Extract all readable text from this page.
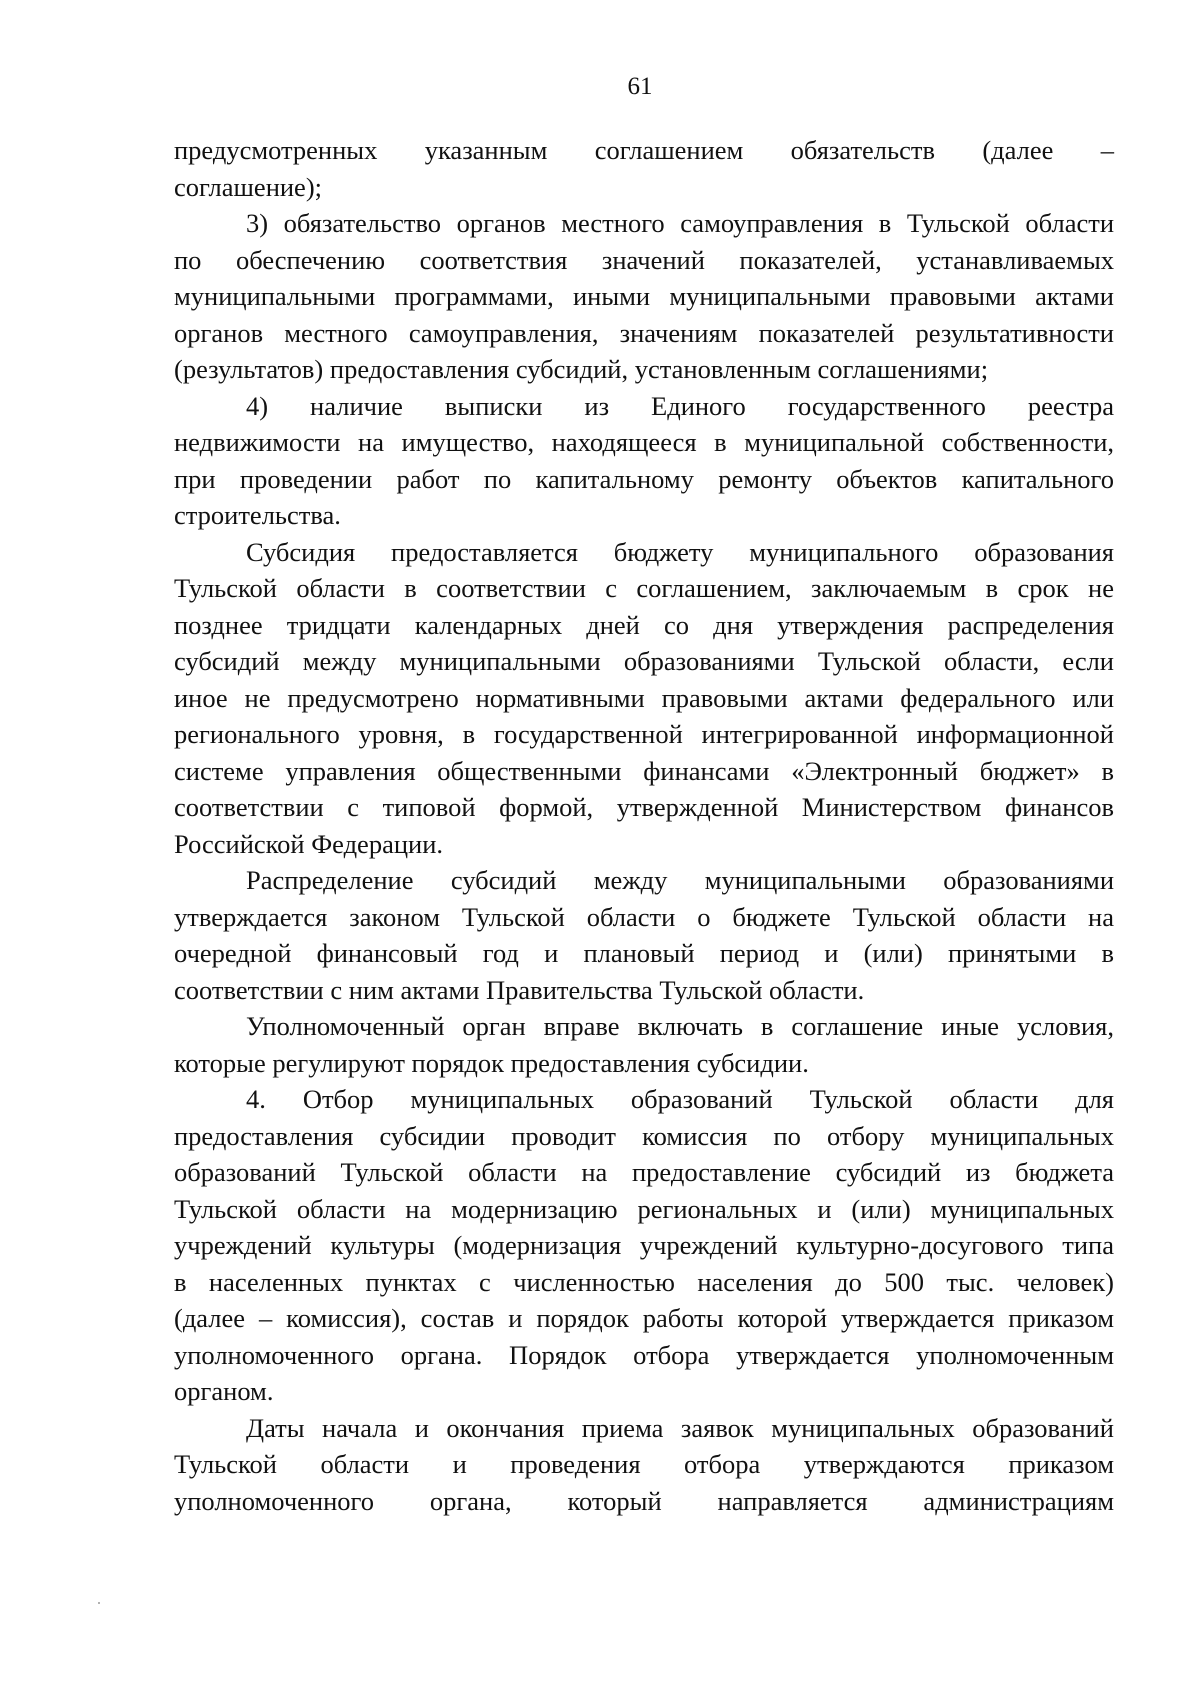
61

предусмотренных указанным соглашением обязательств (далее –
соглашение);

3) обязательство органов местного самоуправления в Тульской области
по обеспечению соответствия значений показателей, устанавливаемых
муниципальными программами, иными муниципальными правовыми актами
органов местного самоуправления, значениям показателей результативности
(результатов) предоставления субсидий, установленным соглашениями;

4) наличие выписки из Единого государственного реестра
недвижимости на имущество, находящееся в муниципальной собственности,
при проведении работ по капитальному ремонту объектов капитального
строительства.

Субсидия предоставляется бюджету муниципального образования
Тульской области в соответствии с соглашением, заключаемым в срок не
позднее тридцати календарных дней со дня утверждения распределения
субсидий между муниципальными образованиями Тульской области, если
иное не предусмотрено нормативными правовыми актами федерального или
регионального уровня, в государственной интегрированной информационной
системе управления общественными финансами «Электронный бюджет» в
соответствии с типовой формой, утвержденной Министерством финансов
Российской Федерации.

Распределение субсидий между муниципальными образованиями
утверждается законом Тульской области о бюджете Тульской области на
очередной финансовый год и плановый период и (или) принятыми в
соответствии с ним актами Правительства Тульской области.

Уполномоченный орган вправе включать в соглашение иные условия,
которые регулируют порядок предоставления субсидии.

4. Отбор муниципальных образований Тульской области для
предоставления субсидии проводит комиссия по отбору муниципальных
образований Тульской области на предоставление субсидий из бюджета
Тульской области на модернизацию региональных и (или) муниципальных
учреждений культуры (модернизация учреждений культурно-досугового типа
в населенных пунктах с численностью населения до 500 тыс. человек)
(далее – комиссия), состав и порядок работы которой утверждается приказом
уполномоченного органа. Порядок отбора утверждается уполномоченным
органом.

Даты начала и окончания приема заявок муниципальных образований
Тульской области и проведения отбора утверждаются приказом
уполномоченного органа, который направляется администрациям
